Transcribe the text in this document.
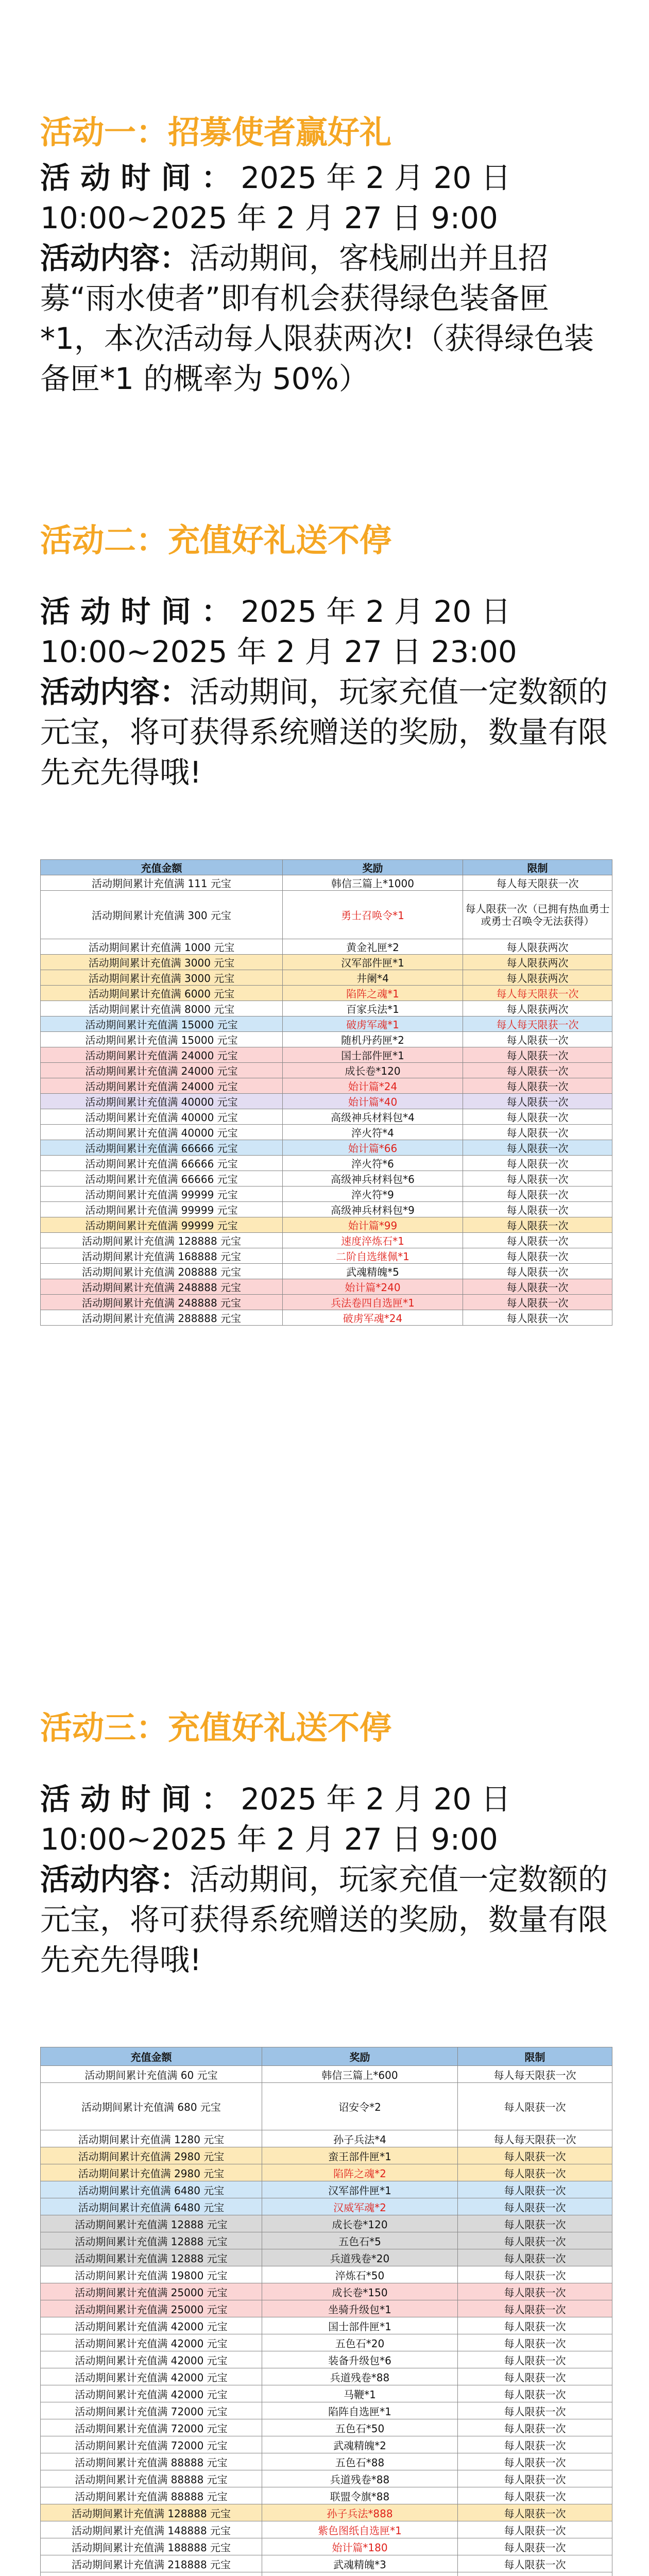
活动一：招募使者赢好礼
活 动 时 间 ： 2025 年 2 月 20 日 10:00~2025 年 2 月 27 日 9:00
活动内容：活动期间，客栈刷出并且招募“雨水使者”即有机会获得绿色装备匣*1，本次活动每人限获两次!（获得绿色装备匣*1 的概率为 50%）
活动二：充值好礼送不停
活 动 时 间 ： 2025 年 2 月 20 日 10:00~2025 年 2 月 27 日 23:00
活动内容：活动期间，玩家充值一定数额的元宝，将可获得系统赠送的奖励，数量有限先充先得哦!
充值金额	奖励	限制
活动期间累计充值满 111 元宝	韩信三篇上*1000	每人每天限获一次
活动期间累计充值满 300 元宝	勇士召唤令*1	每人限获一次（已拥有热血勇士或勇士召唤令无法获得）
活动期间累计充值满 1000 元宝	黄金礼匣*2	每人限获两次
活动期间累计充值满 3000 元宝	汉军部件匣*1	每人限获两次
活动期间累计充值满 3000 元宝	井阑*4	每人限获两次
活动期间累计充值满 6000 元宝	陷阵之魂*1	每人每天限获一次
活动期间累计充值满 8000 元宝	百家兵法*1	每人限获两次
活动期间累计充值满 15000 元宝	破虏军魂*1	每人每天限获一次
活动期间累计充值满 15000 元宝	随机丹药匣*2	每人限获一次
活动期间累计充值满 24000 元宝	国士部件匣*1	每人限获一次
活动期间累计充值满 24000 元宝	成长卷*120	每人限获一次
活动期间累计充值满 24000 元宝	始计篇*24	每人限获一次
活动期间累计充值满 40000 元宝	始计篇*40	每人限获一次
活动期间累计充值满 40000 元宝	高级神兵材料包*4	每人限获一次
活动期间累计充值满 40000 元宝	淬火符*4	每人限获一次
活动期间累计充值满 66666 元宝	始计篇*66	每人限获一次
活动期间累计充值满 66666 元宝	淬火符*6	每人限获一次
活动期间累计充值满 66666 元宝	高级神兵材料包*6	每人限获一次
活动期间累计充值满 99999 元宝	淬火符*9	每人限获一次
活动期间累计充值满 99999 元宝	高级神兵材料包*9	每人限获一次
活动期间累计充值满 99999 元宝	始计篇*99	每人限获一次
活动期间累计充值满 128888 元宝	速度淬炼石*1	每人限获一次
活动期间累计充值满 168888 元宝	二阶自选继佩*1	每人限获一次
活动期间累计充值满 208888 元宝	武魂精魄*5	每人限获一次
活动期间累计充值满 248888 元宝	始计篇*240	每人限获一次
活动期间累计充值满 248888 元宝	兵法卷四自选匣*1	每人限获一次
活动期间累计充值满 288888 元宝	破虏军魂*24	每人限获一次
活动三：充值好礼送不停
活 动 时 间 ： 2025 年 2 月 20 日 10:00~2025 年 2 月 27 日 9:00
活动内容：活动期间，玩家充值一定数额的元宝，将可获得系统赠送的奖励，数量有限先充先得哦!
充值金额	奖励	限制
活动期间累计充值满 60 元宝	韩信三篇上*600	每人每天限获一次
活动期间累计充值满 680 元宝	诏安令*2	每人限获一次
活动期间累计充值满 1280 元宝	孙子兵法*4	每人每天限获一次
活动期间累计充值满 2980 元宝	蛮王部件匣*1	每人限获一次
活动期间累计充值满 2980 元宝	陷阵之魂*2	每人限获一次
活动期间累计充值满 6480 元宝	汉军部件匣*1	每人限获一次
活动期间累计充值满 6480 元宝	汉威军魂*2	每人限获一次
活动期间累计充值满 12888 元宝	成长卷*120	每人限获一次
活动期间累计充值满 12888 元宝	五色石*5	每人限获一次
活动期间累计充值满 12888 元宝	兵道残卷*20	每人限获一次
活动期间累计充值满 19800 元宝	淬炼石*50	每人限获一次
活动期间累计充值满 25000 元宝	成长卷*150	每人限获一次
活动期间累计充值满 25000 元宝	坐骑升级包*1	每人限获一次
活动期间累计充值满 42000 元宝	国士部件匣*1	每人限获一次
活动期间累计充值满 42000 元宝	五色石*20	每人限获一次
活动期间累计充值满 42000 元宝	装备升级包*6	每人限获一次
活动期间累计充值满 42000 元宝	兵道残卷*88	每人限获一次
活动期间累计充值满 42000 元宝	马鞭*1	每人限获一次
活动期间累计充值满 72000 元宝	陷阵自选匣*1	每人限获一次
活动期间累计充值满 72000 元宝	五色石*50	每人限获一次
活动期间累计充值满 72000 元宝	武魂精魄*2	每人限获一次
活动期间累计充值满 88888 元宝	五色石*88	每人限获一次
活动期间累计充值满 88888 元宝	兵道残卷*88	每人限获一次
活动期间累计充值满 88888 元宝	联盟令旗*88	每人限获一次
活动期间累计充值满 128888 元宝	孙子兵法*888	每人限获一次
活动期间累计充值满 148888 元宝	紫色图纸自选匣*1	每人限获一次
活动期间累计充值满 188888 元宝	始计篇*180	每人限获一次
活动期间累计充值满 218888 元宝	武魂精魄*3	每人限获一次
